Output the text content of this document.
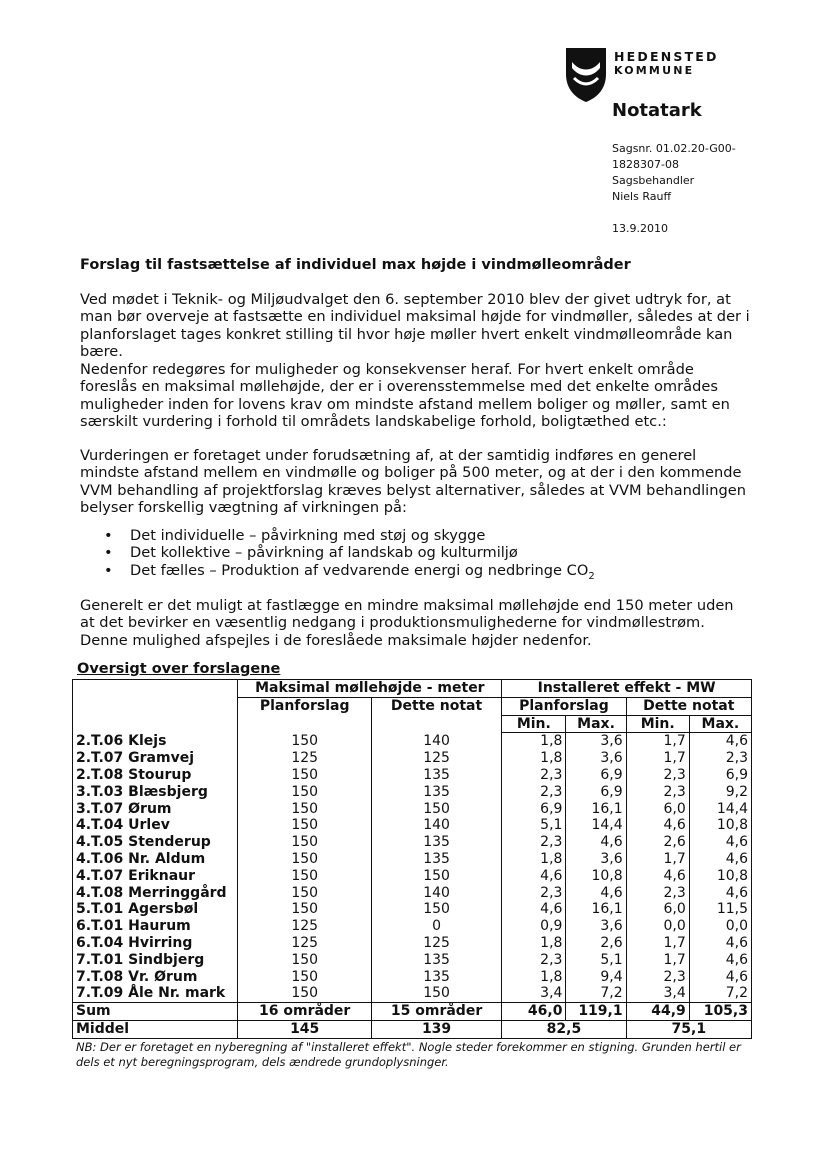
HEDENSTED
KOMMUNE
Notatark
Sagsnr. 01.02.20-G00-
1828307-08
Sagsbehandler
Niels Rauff
13.9.2010
Forslag til fastsættelse af individuel max højde i vindmølleområder

Ved mødet i Teknik- og Miljøudvalget den 6. september 2010 blev der givet udtryk for, at man bør overveje at fastsætte en individuel maksimal højde for vindmøller, således at der i planforslaget tages konkret stilling til hvor høje møller hvert enkelt vindmølleområde kan bære.

Nedenfor redegøres for muligheder og konsekvenser heraf. For hvert enkelt område foreslås en maksimal møllehøjde, der er i overensstemmelse med det enkelte områdes muligheder inden for lovens krav om mindste afstand mellem boliger og møller, samt en særskilt vurdering i forhold til områdets landskabelige forhold, boligtæthed etc.:

Vurderingen er foretaget under forudsætning af, at der samtidig indføres en generel mindste afstand mellem en vindmølle og boliger på 500 meter, og at der i den kommende VVM behandling af projektforslag kræves belyst alternativer, således at VVM behandlingen belyser forskellig vægtning af virkningen på:

• Det individuelle – påvirkning med støj og skygge
• Det kollektive – påvirkning af landskab og kulturmiljø
• Det fælles – Produktion af vedvarende energi og nedbringe $CO_2$

Generelt er det muligt at fastlægge en mindre maksimal møllehøjde end 150 meter uden at det bevirker en væsentlig nedgang i produktionsmulighederne for vindmøllestrøm. Denne mulighed afspejles i de foreslåede maksimale højder nedenfor.

Oversigt over forslagene
	Maksimal møllehøjde - meter		Installeret effekt - MW			
	Planforslag	Dette notat	Planforslag		Dette notat	
			Min.	Max.	Min.	Max.
2.T.06 Klejs	150	140	1,8	3,6	1,7	4,6
2.T.07 Gramvej	125	125	1,8	3,6	1,7	2,3
2.T.08 Stourup	150	135	2,3	6,9	2,3	6,9
3.T.03 Blæsbjerg	150	135	2,3	6,9	2,3	9,2
3.T.07 Ørum	150	150	6,9	16,1	6,0	14,4
4.T.04 Urlev	150	140	5,1	14,4	4,6	10,8
4.T.05 Stenderup	150	135	2,3	4,6	2,6	4,6
4.T.06 Nr. Aldum	150	135	1,8	3,6	1,7	4,6
4.T.07 Eriknaur	150	150	4,6	10,8	4,6	10,8
4.T.08 Merringgård	150	140	2,3	4,6	2,3	4,6
5.T.01 Agersbøl	150	150	4,6	16,1	6,0	11,5
6.T.01 Haurum	125	0	0,9	3,6	0,0	0,0
6.T.04 Hvirring	125	125	1,8	2,6	1,7	4,6
7.T.01 Sindbjerg	150	135	2,3	5,1	1,7	4,6
7.T.08 Vr. Ørum	150	135	1,8	9,4	2,3	4,6
7.T.09 Åle Nr. mark	150	150	3,4	7,2	3,4	7,2
Sum	16 områder	15 områder	46,0	119,1	44,9	105,3
Middel	145	139	82,5		75,1	
NB: Der er foretaget en nyberegning af "installeret effekt". Nogle steder forekommer en stigning. Grunden hertil er dels et nyt beregningsprogram, dels ændrede grundoplysninger.
